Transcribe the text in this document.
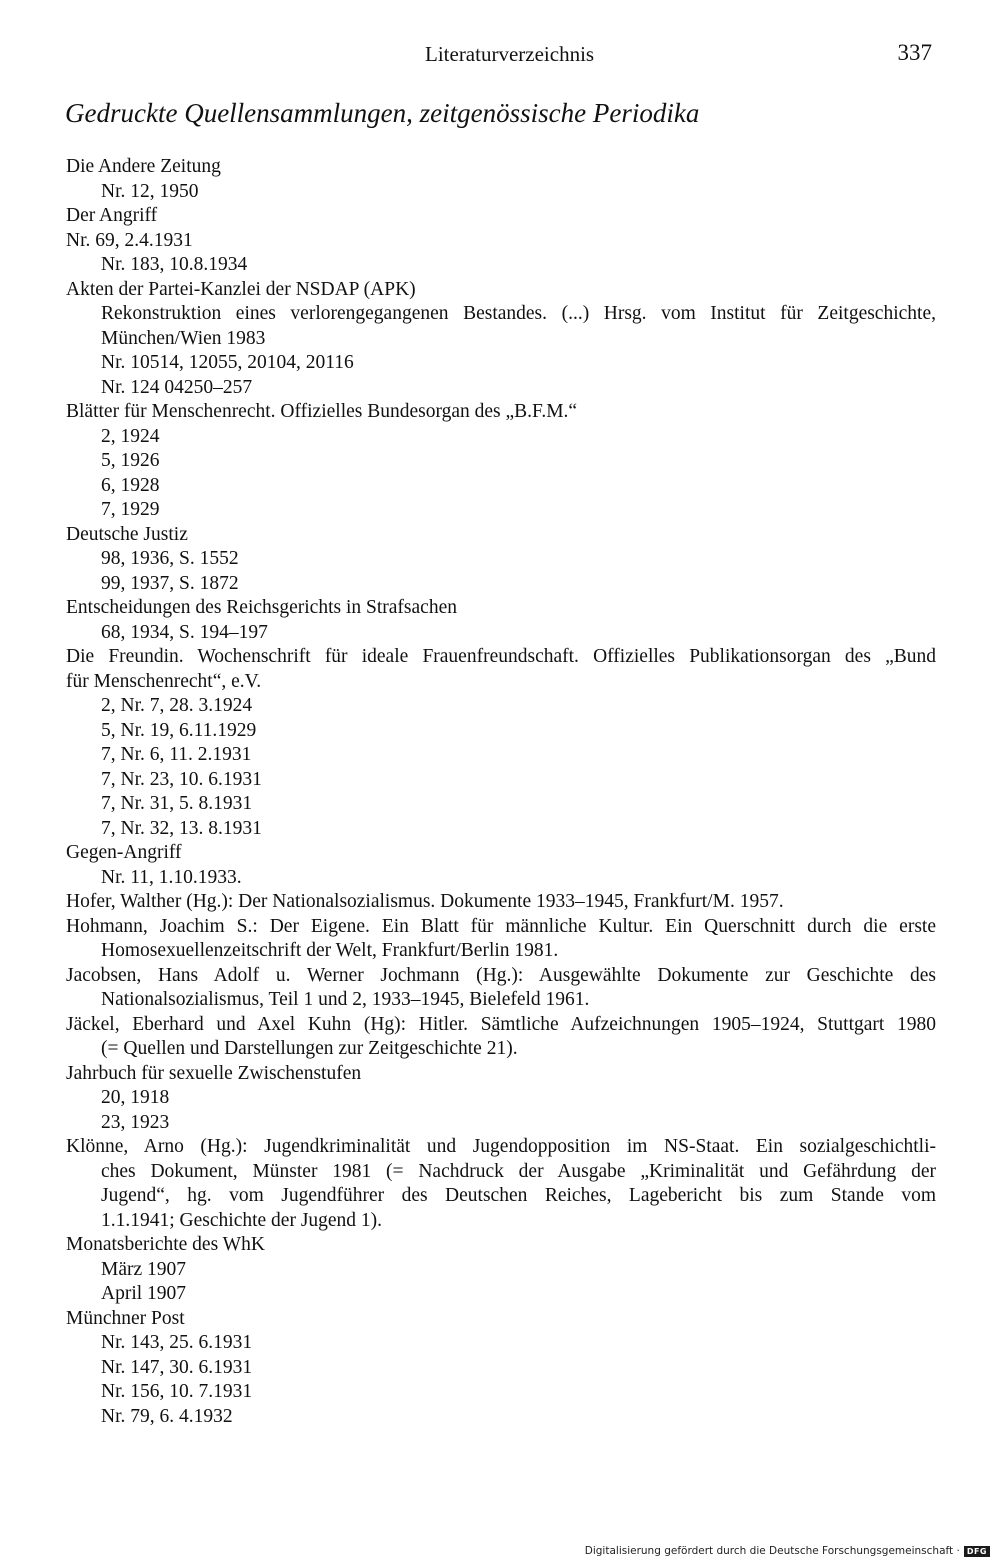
Literaturverzeichnis	337
Gedruckte Quellensammlungen, zeitgenössische Periodika
Die Andere Zeitung
Nr. 12, 1950
Der Angriff
Nr. 69, 2.4.1931
Nr. 183, 10.8.1934
Akten der Partei-Kanzlei der NSDAP (APK)
Rekonstruktion eines verlorengegangenen Bestandes. (...) Hrsg. vom Institut für Zeitgeschichte,
München/Wien 1983
Nr. 10514, 12055, 20104, 20116
Nr. 124 04250–257
Blätter für Menschenrecht. Offizielles Bundesorgan des „B.F.M.“
2, 1924
5, 1926
6, 1928
7, 1929
Deutsche Justiz
98, 1936, S. 1552
99, 1937, S. 1872
Entscheidungen des Reichsgerichts in Strafsachen
68, 1934, S. 194–197
Die Freundin. Wochenschrift für ideale Frauenfreundschaft. Offizielles Publikationsorgan des „Bund
für Menschenrecht“, e.V.
2, Nr. 7, 28. 3.1924
5, Nr. 19, 6.11.1929
7, Nr. 6, 11. 2.1931
7, Nr. 23, 10. 6.1931
7, Nr. 31, 5. 8.1931
7, Nr. 32, 13. 8.1931
Gegen-Angriff
Nr. 11, 1.10.1933.
Hofer, Walther (Hg.): Der Nationalsozialismus. Dokumente 1933–1945, Frankfurt/M. 1957.
Hohmann, Joachim S.: Der Eigene. Ein Blatt für männliche Kultur. Ein Querschnitt durch die erste
Homosexuellenzeitschrift der Welt, Frankfurt/Berlin 1981.
Jacobsen, Hans Adolf u. Werner Jochmann (Hg.): Ausgewählte Dokumente zur Geschichte des
Nationalsozialismus, Teil 1 und 2, 1933–1945, Bielefeld 1961.
Jäckel, Eberhard und Axel Kuhn (Hg): Hitler. Sämtliche Aufzeichnungen 1905–1924, Stuttgart 1980
(= Quellen und Darstellungen zur Zeitgeschichte 21).
Jahrbuch für sexuelle Zwischenstufen
20, 1918
23, 1923
Klönne, Arno (Hg.): Jugendkriminalität und Jugendopposition im NS-Staat. Ein sozialgeschichtli-
ches Dokument, Münster 1981 (= Nachdruck der Ausgabe „Kriminalität und Gefährdung der
Jugend“, hg. vom Jugendführer des Deutschen Reiches, Lagebericht bis zum Stande vom
1.1.1941; Geschichte der Jugend 1).
Monatsberichte des WhK
März 1907
April 1907
Münchner Post
Nr. 143, 25. 6.1931
Nr. 147, 30. 6.1931
Nr. 156, 10. 7.1931
Nr. 79, 6. 4.1932
Digitalisierung gefördert durch die Deutsche Forschungsgemeinschaft · DFG
